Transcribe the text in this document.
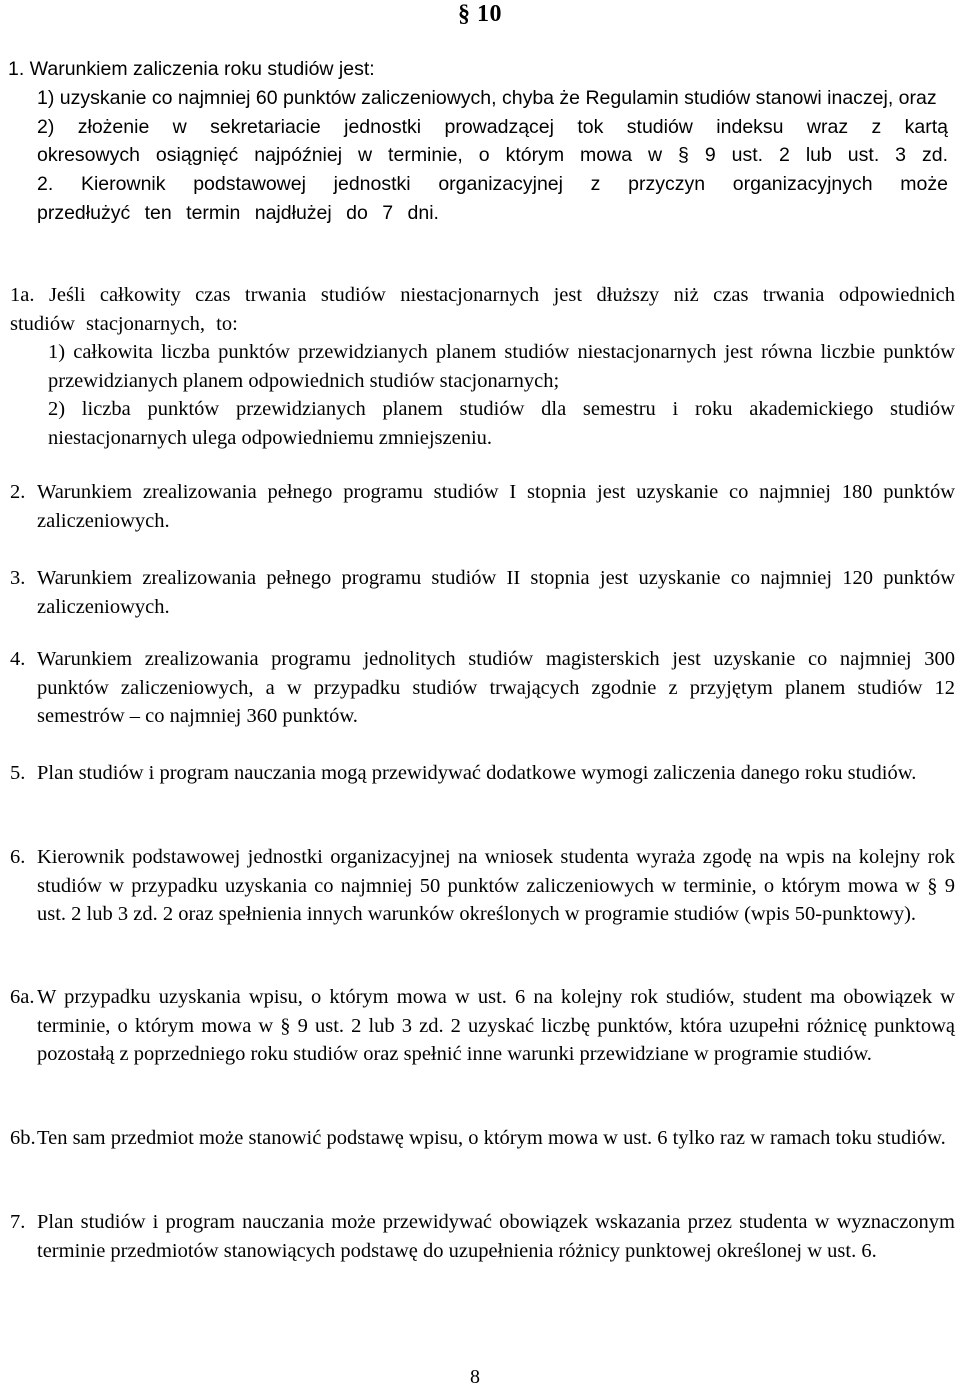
§ 10
1. Warunkiem zaliczenia roku studiów jest:
1) uzyskanie co najmniej 60 punktów zaliczeniowych, chyba że Regulamin studiów stanowi inaczej, oraz
2) złożenie w sekretariacie jednostki prowadzącej tok studiów indeksu wraz z kartą okresowych osiągnięć najpóźniej w terminie, o którym mowa w § 9 ust. 2 lub ust. 3 zd. 2. Kierownik podstawowej jednostki organizacyjnej z przyczyn organizacyjnych może przedłużyć ten termin najdłużej do 7 dni.
1a. Jeśli całkowity czas trwania studiów niestacjonarnych jest dłuższy niż czas trwania odpowiednich studiów stacjonarnych, to:
1) całkowita liczba punktów przewidzianych planem studiów niestacjonarnych jest równa liczbie punktów przewidzianych planem odpowiednich studiów stacjonarnych;
2) liczba punktów przewidzianych planem studiów dla semestru i roku akademickiego studiów niestacjonarnych ulega odpowiedniemu zmniejszeniu.
2. Warunkiem zrealizowania pełnego programu studiów I stopnia jest uzyskanie co najmniej 180 punktów zaliczeniowych.
3. Warunkiem zrealizowania pełnego programu studiów II stopnia jest uzyskanie co najmniej 120 punktów zaliczeniowych.
4. Warunkiem zrealizowania programu jednolitych studiów magisterskich jest uzyskanie co najmniej 300 punktów zaliczeniowych, a w przypadku studiów trwających zgodnie z przyjętym planem studiów 12 semestrów – co najmniej 360 punktów.
5. Plan studiów i program nauczania mogą przewidywać dodatkowe wymogi zaliczenia danego roku studiów.
6. Kierownik podstawowej jednostki organizacyjnej na wniosek studenta wyraża zgodę na wpis na kolejny rok studiów w przypadku uzyskania co najmniej 50 punktów zaliczeniowych w terminie, o którym mowa w § 9 ust. 2 lub 3 zd. 2 oraz spełnienia innych warunków określonych w programie studiów (wpis 50-punktowy).
6a. W przypadku uzyskania wpisu, o którym mowa w ust. 6 na kolejny rok studiów, student ma obowiązek w terminie, o którym mowa w § 9 ust. 2 lub 3 zd. 2 uzyskać liczbę punktów, która uzupełni różnicę punktową pozostałą z poprzedniego roku studiów oraz spełnić inne warunki przewidziane w programie studiów.
6b. Ten sam przedmiot może stanowić podstawę wpisu, o którym mowa w ust. 6 tylko raz w ramach toku studiów.
7. Plan studiów i program nauczania może przewidywać obowiązek wskazania przez studenta w wyznaczonym terminie przedmiotów stanowiących podstawę do uzupełnienia różnicy punktowej określonej w ust. 6.
8
